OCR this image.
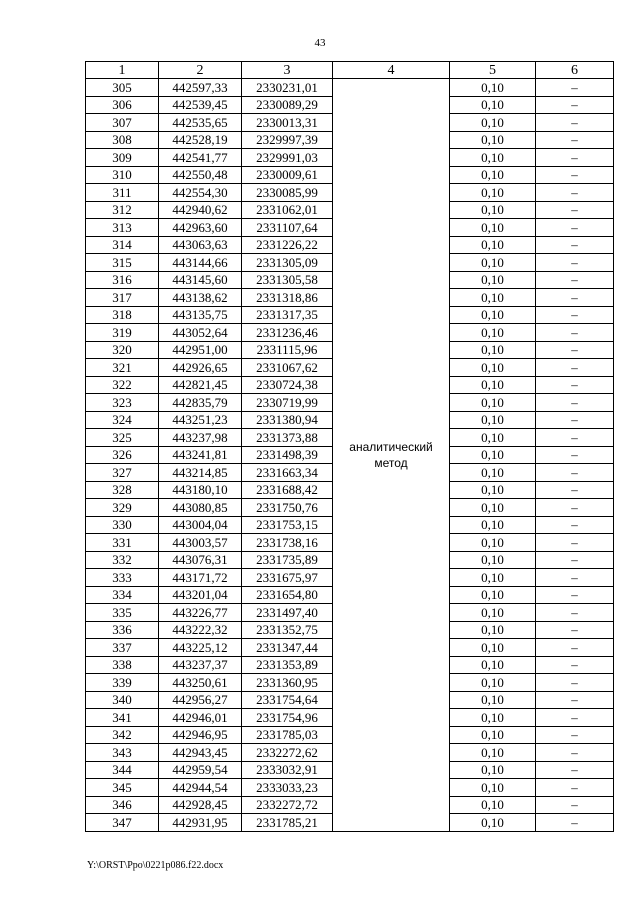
43
1	2	3	4	5	6
305	442597,33	2330231,01	аналитический метод	0,10	–
306	442539,45	2330089,29		0,10	–
307	442535,65	2330013,31		0,10	–
308	442528,19	2329997,39		0,10	–
309	442541,77	2329991,03		0,10	–
310	442550,48	2330009,61		0,10	–
311	442554,30	2330085,99		0,10	–
312	442940,62	2331062,01		0,10	–
313	442963,60	2331107,64		0,10	–
314	443063,63	2331226,22		0,10	–
315	443144,66	2331305,09		0,10	–
316	443145,60	2331305,58		0,10	–
317	443138,62	2331318,86		0,10	–
318	443135,75	2331317,35		0,10	–
319	443052,64	2331236,46		0,10	–
320	442951,00	2331115,96		0,10	–
321	442926,65	2331067,62		0,10	–
322	442821,45	2330724,38		0,10	–
323	442835,79	2330719,99		0,10	–
324	443251,23	2331380,94		0,10	–
325	443237,98	2331373,88		0,10	–
326	443241,81	2331498,39		0,10	–
327	443214,85	2331663,34		0,10	–
328	443180,10	2331688,42		0,10	–
329	443080,85	2331750,76		0,10	–
330	443004,04	2331753,15		0,10	–
331	443003,57	2331738,16		0,10	–
332	443076,31	2331735,89		0,10	–
333	443171,72	2331675,97		0,10	–
334	443201,04	2331654,80		0,10	–
335	443226,77	2331497,40		0,10	–
336	443222,32	2331352,75		0,10	–
337	443225,12	2331347,44		0,10	–
338	443237,37	2331353,89		0,10	–
339	443250,61	2331360,95		0,10	–
340	442956,27	2331754,64		0,10	–
341	442946,01	2331754,96		0,10	–
342	442946,95	2331785,03		0,10	–
343	442943,45	2332272,62		0,10	–
344	442959,54	2333032,91		0,10	–
345	442944,54	2333033,23		0,10	–
346	442928,45	2332272,72		0,10	–
347	442931,95	2331785,21		0,10	–
Y:\ORST\Ppo\0221p086.f22.docx
